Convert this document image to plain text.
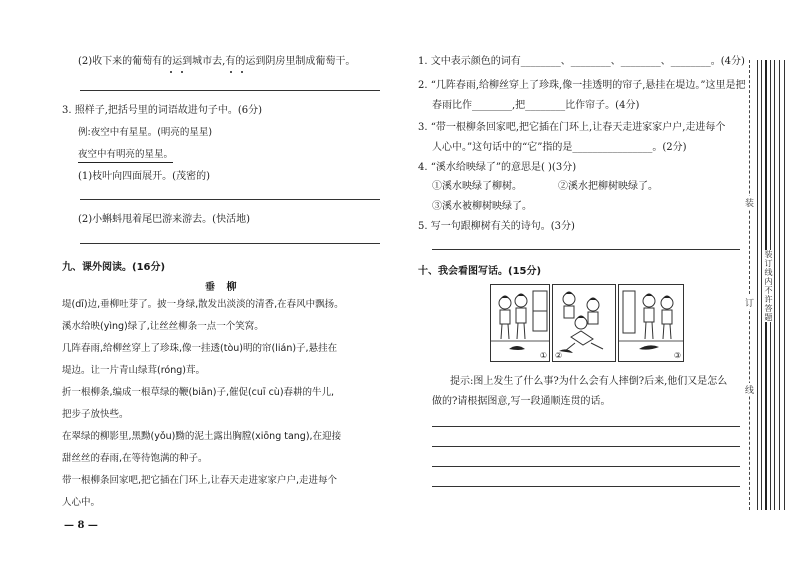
(2)收下来的葡萄有的运到城市去,有的运到阴房里制成葡萄干。
3. 照样子,把括号里的词语故进句子中。(6分)
例:夜空中有星星。(明亮的星星)
夜空中有明亮的星星。
(1)枝叶向四面展开。(茂密的)
(2)小蝌蚪甩着尾巴游来游去。(快活地)
九、课外阅读。(16分)
垂 柳
堤(dī)边,垂柳吐芽了。披一身绿,散发出淡淡的清香,在春风中飘扬。
溪水给映(yìng)绿了,让丝丝柳条一点一个笑窝。
几阵春雨,给柳丝穿上了珍珠,像一挂透(tòu)明的帘(lián)子,悬挂在
堤边。让一片青山绿茸(róng)茸。
折一根柳条,编成一根草绿的鞭(biān)子,催促(cuī cù)春耕的牛儿,
把步子放快些。
在翠绿的柳影里,黑黝(yǒu)黝的泥土露出胸膛(xiōng tang),在迎接
甜丝丝的春雨,在等待饱满的种子。
带一根柳条回家吧,把它插在门环上,让春天走进家家户户,走进每个
人心中。
— 8 —
1. 文中表示颜色的词有________、________、________、________。(4分)
2. “几阵春雨,给柳丝穿上了珍珠,像一挂透明的帘子,悬挂在堤边。”这里是把
春雨比作________,把________比作帘子。(4分)
3. “带一根柳条回家吧,把它插在门环上,让春天走进家家户户,走进每个
人心中。”这句话中的“它”指的是________________。(2分)
4. “溪水给映绿了”的意思是( )(3分)
①溪水映绿了柳树。	②溪水把柳树映绿了。
③溪水被柳树映绿了。
5. 写一句跟柳树有关的诗句。(3分)
十、我会看图写话。(15分)
① ②	③
提示:图上发生了什么事?为什么会有人摔倒?后来,他们又是怎么
做的?请根据图意,写一段通顺连贯的话。
装
订
线
装订线内不许答题
